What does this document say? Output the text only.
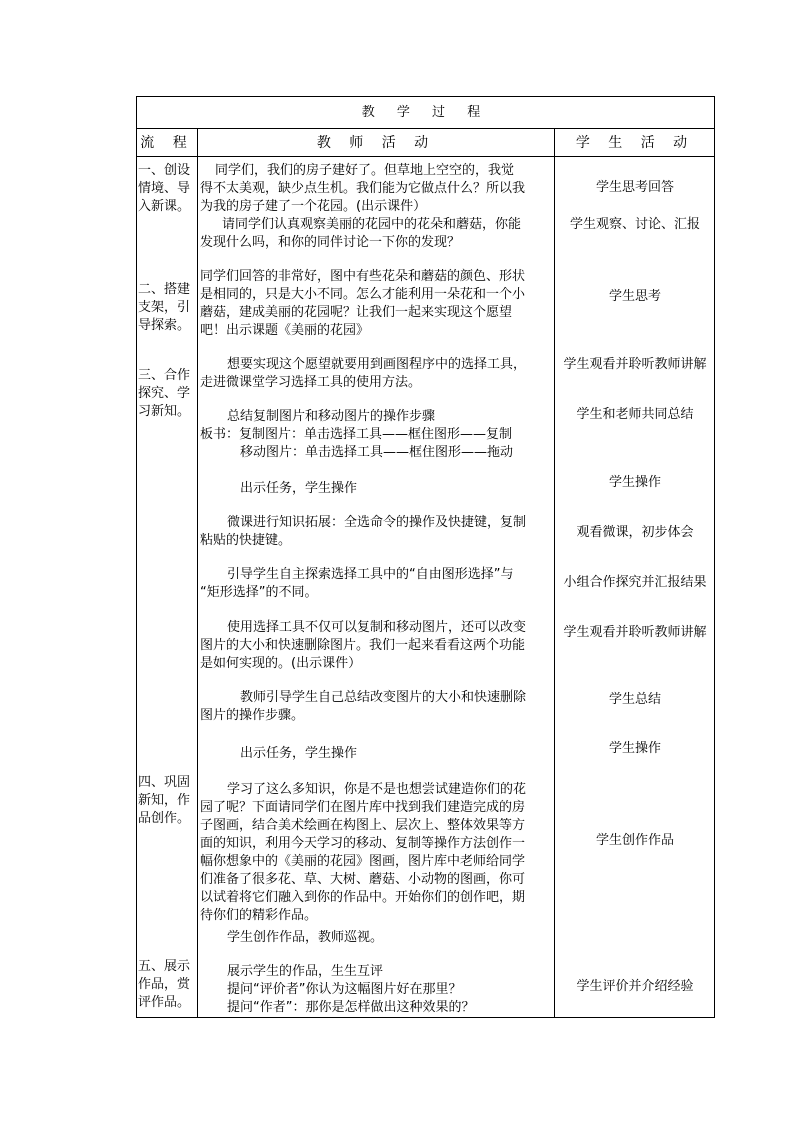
教 学 过 程
流 程	教 师 活 动	学 生 活 动
一、创设
情境、导
入新课。
二、搭建
支架，引
导探索。
三、合作
探究、学
习新知。
四、巩固
新知，作
品创作。
五、展示
作品，赏
评作品。
　同学们，我们的房子建好了。但草地上空空的，我觉
得不太美观，缺少点生机。我们能为它做点什么？所以我
为我的房子建了一个花园。(出示课件）
　请同学们认真观察美丽的花园中的花朵和蘑菇，你能
发现什么吗，和你的同伴讨论一下你的发现？
同学们回答的非常好，图中有些花朵和蘑菇的颜色、形状
是相同的，只是大小不同。怎么才能利用一朵花和一个小
蘑菇，建成美丽的花园呢？让我们一起来实现这个愿望
吧！出示课题《美丽的花园》
想要实现这个愿望就要用到画图程序中的选择工具，
走进微课堂学习选择工具的使用方法。
总结复制图片和移动图片的操作步骤
板书：复制图片：单击选择工具——框住图形——复制
移动图片：单击选择工具——框住图形——拖动
出示任务，学生操作
微课进行知识拓展：全选命令的操作及快捷键，复制
粘贴的快捷键。
引导学生自主探索选择工具中的“自由图形选择”与
“矩形选择”的不同。
使用选择工具不仅可以复制和移动图片，还可以改变
图片的大小和快速删除图片。我们一起来看看这两个功能
是如何实现的。(出示课件）
教师引导学生自己总结改变图片的大小和快速删除
图片的操作步骤。
出示任务，学生操作
学习了这么多知识，你是不是也想尝试建造你们的花
园了呢？下面请同学们在图片库中找到我们建造完成的房
子图画，结合美术绘画在构图上、层次上、整体效果等方
面的知识，利用今天学习的移动、复制等操作方法创作一
幅你想象中的《美丽的花园》图画，图片库中老师给同学
们准备了很多花、草、大树、蘑菇、小动物的图画，你可
以试着将它们融入到你的作品中。开始你们的创作吧，期
待你们的精彩作品。
学生创作作品，教师巡视。
展示学生的作品，生生互评
提问“评价者”你认为这幅图片好在那里？
提问“作者”：那你是怎样做出这种效果的？
学生思考回答
学生观察、讨论、汇报
学生思考
学生观看并聆听教师讲解
学生和老师共同总结
学生操作
观看微课，初步体会
小组合作探究并汇报结果
学生观看并聆听教师讲解
学生总结
学生操作
学生创作作品
学生评价并介绍经验
